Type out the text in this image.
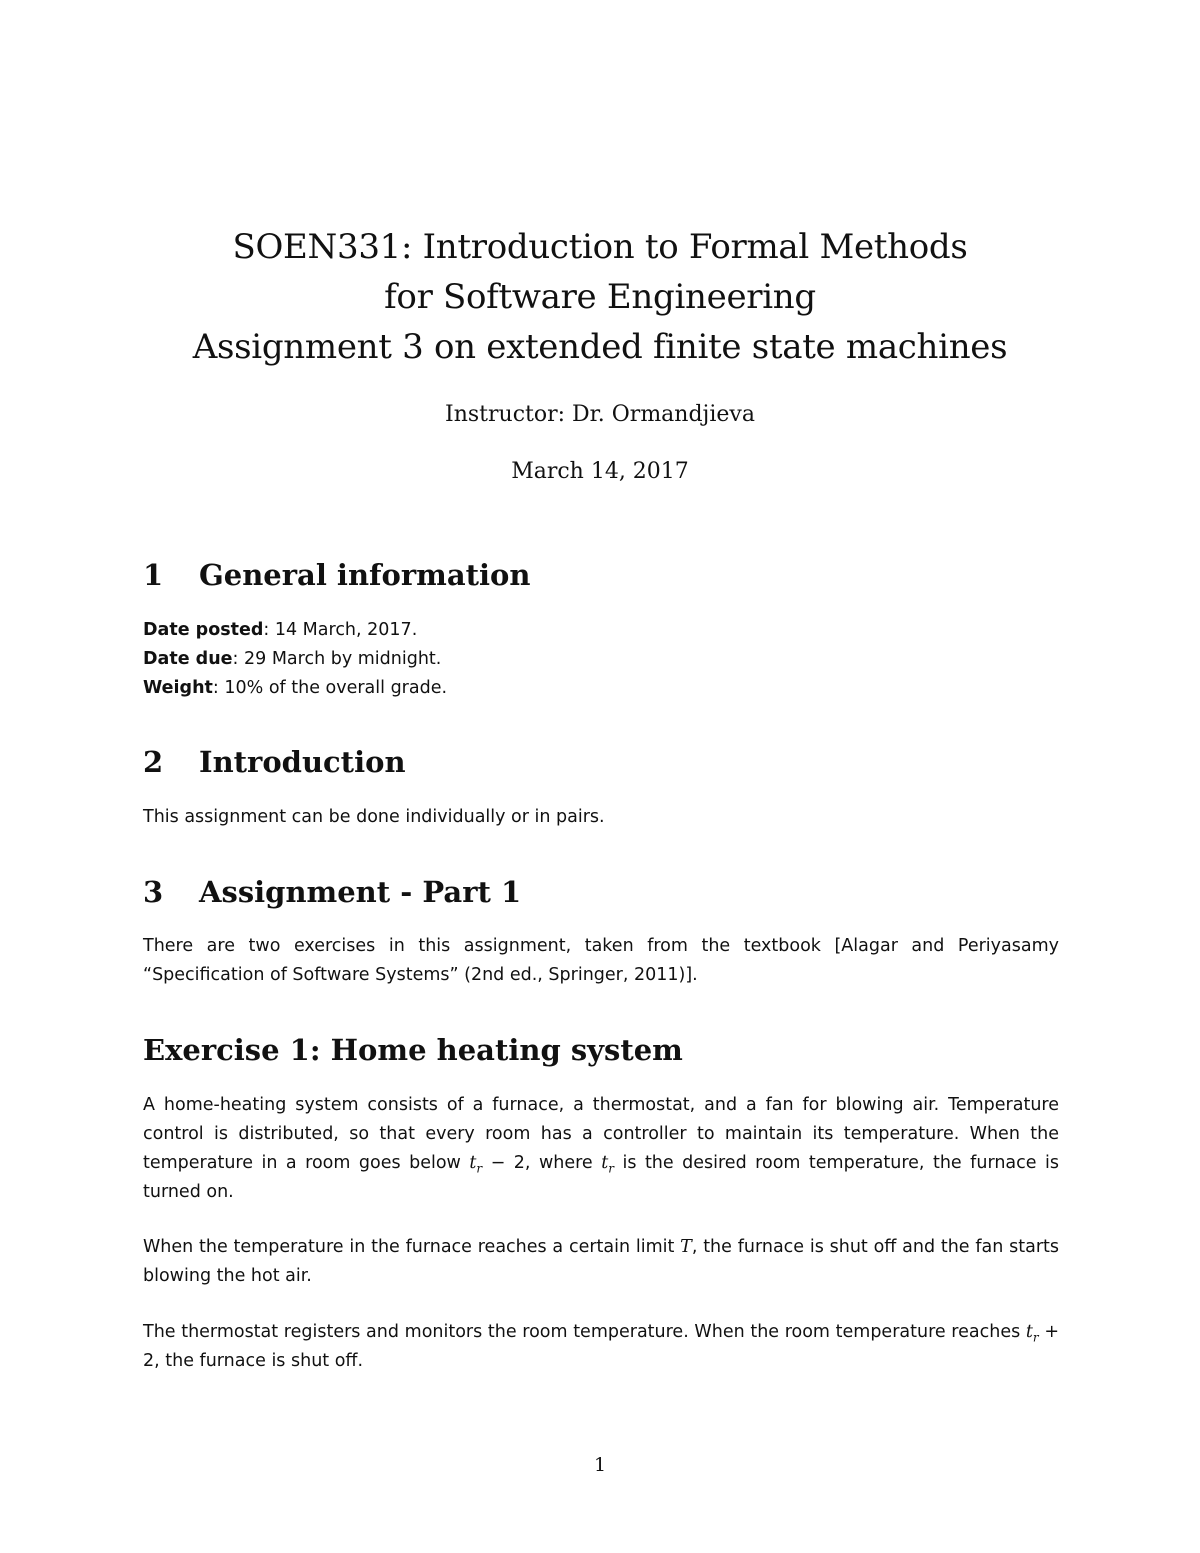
SOEN331: Introduction to Formal Methods

for Software Engineering

Assignment 3 on extended finite state machines

Instructor: Dr. Ormandjieva
March 14, 2017
1 General information
Date posted: 14 March, 2017.
Date due: 29 March by midnight.
Weight: 10% of the overall grade.
2 Introduction

This assignment can be done individually or in pairs.

3 Assignment - Part 1

There are two exercises in this assignment, taken from the textbook [Alagar and Periyasamy “Specification of Software Systems” (2nd ed., Springer, 2011)].

Exercise 1: Home heating system

A home-heating system consists of a furnace, a thermostat, and a fan for blowing air. Temperature control is distributed, so that every room has a controller to maintain its temperature. When the temperature in a room goes below $t_r - 2$, where $t_r$ is the desired room temperature, the furnace is turned on.

When the temperature in the furnace reaches a certain limit T, the furnace is shut off and the fan starts blowing the hot air.

The thermostat registers and monitors the room temperature. When the room temperature reaches $t_r + 2$, the furnace is shut off.

1
